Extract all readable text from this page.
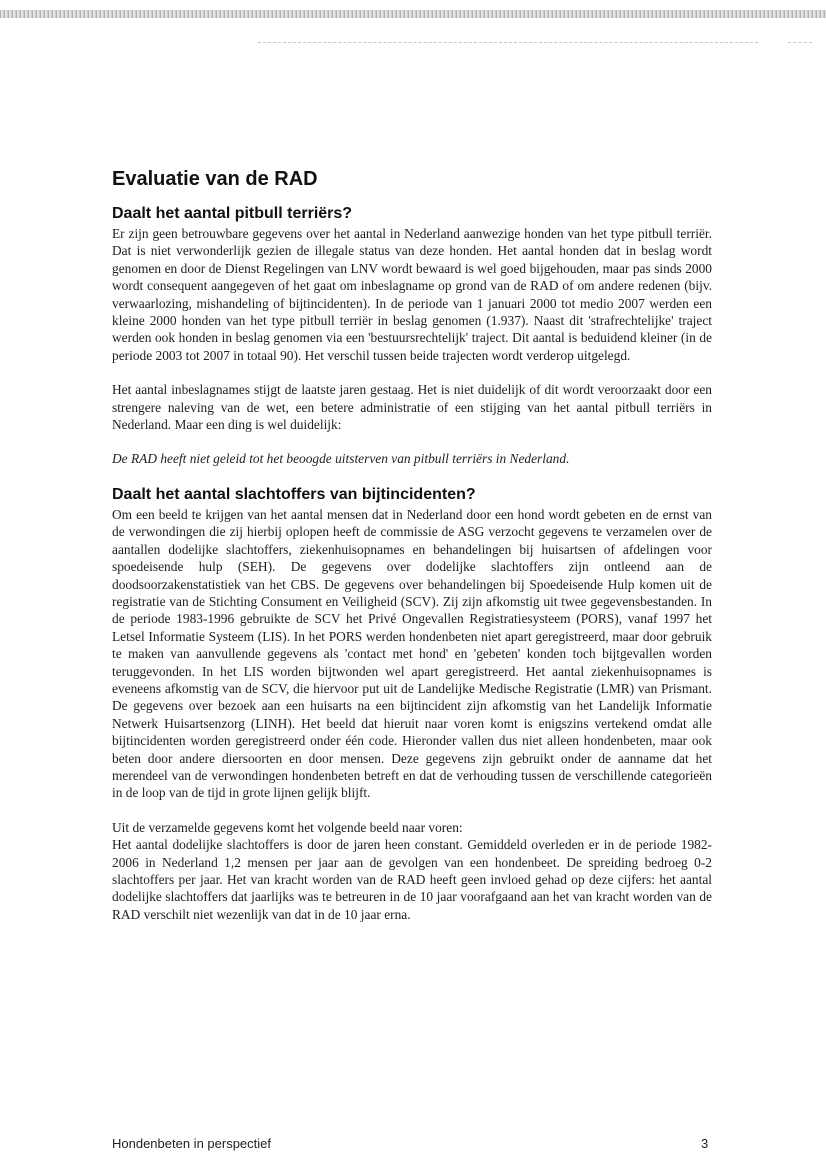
Evaluatie van de RAD
Daalt het aantal pitbull terriërs?

Er zijn geen betrouwbare gegevens over het aantal in Nederland aanwezige honden van het type pitbull terriër. Dat is niet verwonderlijk gezien de illegale status van deze honden. Het aantal honden dat in beslag wordt genomen en door de Dienst Regelingen van LNV wordt bewaard is wel goed bijgehouden, maar pas sinds 2000 wordt consequent aangegeven of het gaat om inbeslagname op grond van de RAD of om andere redenen (bijv. verwaarlozing, mishandeling of bijtincidenten). In de periode van 1 januari 2000 tot medio 2007 werden een kleine 2000 honden van het type pitbull terriër in beslag genomen (1.937). Naast dit 'strafrechtelijke' traject werden ook honden in beslag genomen via een 'bestuursrechtelijk' traject. Dit aantal is beduidend kleiner (in de periode 2003 tot 2007 in totaal 90). Het verschil tussen beide trajecten wordt verderop uitgelegd.

Het aantal inbeslagnames stijgt de laatste jaren gestaag. Het is niet duidelijk of dit wordt veroorzaakt door een strengere naleving van de wet, een betere administratie of een stijging van het aantal pitbull terriërs in Nederland. Maar een ding is wel duidelijk:

De RAD heeft niet geleid tot het beoogde uitsterven van pitbull terriërs in Nederland.

Daalt het aantal slachtoffers van bijtincidenten?

Om een beeld te krijgen van het aantal mensen dat in Nederland door een hond wordt gebeten en de ernst van de verwondingen die zij hierbij oplopen heeft de commissie de ASG verzocht gegevens te verzamelen over de aantallen dodelijke slachtoffers, ziekenhuisopnames en behandelingen bij huisartsen of afdelingen voor spoedeisende hulp (SEH). De gegevens over dodelijke slachtoffers zijn ontleend aan de doodsoorzakenstatistiek van het CBS. De gegevens over behandelingen bij Spoedeisende Hulp komen uit de registratie van de Stichting Consument en Veiligheid (SCV). Zij zijn afkomstig uit twee gegevensbestanden. In de periode 1983-1996 gebruikte de SCV het Privé Ongevallen Registratiesysteem (PORS), vanaf 1997 het Letsel Informatie Systeem (LIS). In het PORS werden hondenbeten niet apart geregistreerd, maar door gebruik te maken van aanvullende gegevens als 'contact met hond' en 'gebeten' konden toch bijtgevallen worden teruggevonden. In het LIS worden bijtwonden wel apart geregistreerd. Het aantal ziekenhuisopnames is eveneens afkomstig van de SCV, die hiervoor put uit de Landelijke Medische Registratie (LMR) van Prismant. De gegevens over bezoek aan een huisarts na een bijtincident zijn afkomstig van het Landelijk Informatie Netwerk Huisartsenzorg (LINH). Het beeld dat hieruit naar voren komt is enigszins vertekend omdat alle bijtincidenten worden geregistreerd onder één code. Hieronder vallen dus niet alleen hondenbeten, maar ook beten door andere diersoorten en door mensen. Deze gegevens zijn gebruikt onder de aanname dat het merendeel van de verwondingen hondenbeten betreft en dat de verhouding tussen de verschillende categorieën in de loop van de tijd in grote lijnen gelijk blijft.

Uit de verzamelde gegevens komt het volgende beeld naar voren:

Het aantal dodelijke slachtoffers is door de jaren heen constant. Gemiddeld overleden er in de periode 1982-2006 in Nederland 1,2 mensen per jaar aan de gevolgen van een hondenbeet. De spreiding bedroeg 0-2 slachtoffers per jaar. Het van kracht worden van de RAD heeft geen invloed gehad op deze cijfers: het aantal dodelijke slachtoffers dat jaarlijks was te betreuren in de 10 jaar voorafgaand aan het van kracht worden van de RAD verschilt niet wezenlijk van dat in de 10 jaar erna.

Hondenbeten in perspectief	3
